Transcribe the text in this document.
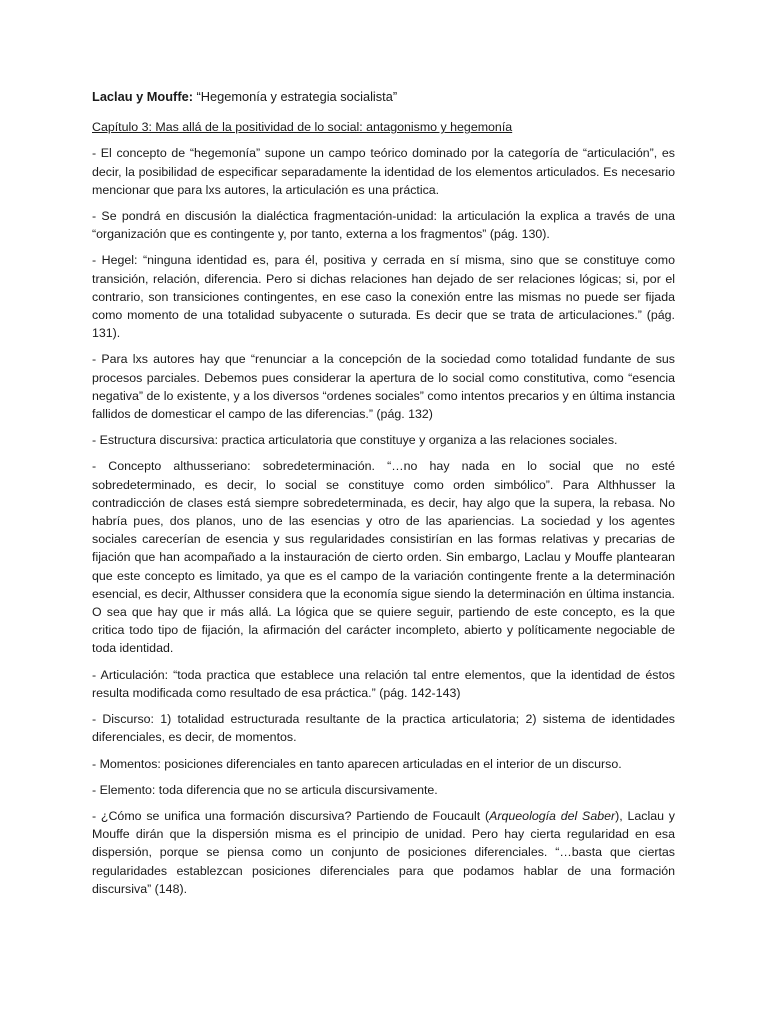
Laclau y Mouffe: “Hegemonía y estrategia socialista”

Capítulo 3: Mas allá de la positividad de lo social: antagonismo y hegemonía

- El concepto de “hegemonía” supone un campo teórico dominado por la categoría de “articulación”, es decir, la posibilidad de especificar separadamente la identidad de los elementos articulados. Es necesario mencionar que para lxs autores, la articulación es una práctica.

- Se pondrá en discusión la dialéctica fragmentación-unidad: la articulación la explica a través de una “organización que es contingente y, por tanto, externa a los fragmentos” (pág. 130).

- Hegel: “ninguna identidad es, para él, positiva y cerrada en sí misma, sino que se constituye como transición, relación, diferencia. Pero si dichas relaciones han dejado de ser relaciones lógicas; si, por el contrario, son transiciones contingentes, en ese caso la conexión entre las mismas no puede ser fijada como momento de una totalidad subyacente o suturada. Es decir que se trata de articulaciones.” (pág. 131).

- Para lxs autores hay que “renunciar a la concepción de la sociedad como totalidad fundante de sus procesos parciales. Debemos pues considerar la apertura de lo social como constitutiva, como “esencia negativa” de lo existente, y a los diversos “ordenes sociales” como intentos precarios y en última instancia fallidos de domesticar el campo de las diferencias.” (pág. 132)

- Estructura discursiva: practica articulatoria que constituye y organiza a las relaciones sociales.

- Concepto althusseriano: sobredeterminación. “…no hay nada en lo social que no esté sobredeterminado, es decir, lo social se constituye como orden simbólico”. Para Althhusser la contradicción de clases está siempre sobredeterminada, es decir, hay algo que la supera, la rebasa. No habría pues, dos planos, uno de las esencias y otro de las apariencias. La sociedad y los agentes sociales carecerían de esencia y sus regularidades consistirían en las formas relativas y precarias de fijación que han acompañado a la instauración de cierto orden. Sin embargo, Laclau y Mouffe plantearan que este concepto es limitado, ya que es el campo de la variación contingente frente a la determinación esencial, es decir, Althusser considera que la economía sigue siendo la determinación en última instancia. O sea que hay que ir más allá. La lógica que se quiere seguir, partiendo de este concepto, es la que critica todo tipo de fijación, la afirmación del carácter incompleto, abierto y políticamente negociable de toda identidad.

- Articulación: “toda practica que establece una relación tal entre elementos, que la identidad de éstos resulta modificada como resultado de esa práctica.” (pág. 142-143)

- Discurso: 1) totalidad estructurada resultante de la practica articulatoria; 2) sistema de identidades diferenciales, es decir, de momentos.

- Momentos: posiciones diferenciales en tanto aparecen articuladas en el interior de un discurso.

- Elemento: toda diferencia que no se articula discursivamente.

- ¿Cómo se unifica una formación discursiva? Partiendo de Foucault (Arqueología del Saber), Laclau y Mouffe dirán que la dispersión misma es el principio de unidad. Pero hay cierta regularidad en esa dispersión, porque se piensa como un conjunto de posiciones diferenciales. “…basta que ciertas regularidades establezcan posiciones diferenciales para que podamos hablar de una formación discursiva” (148).
